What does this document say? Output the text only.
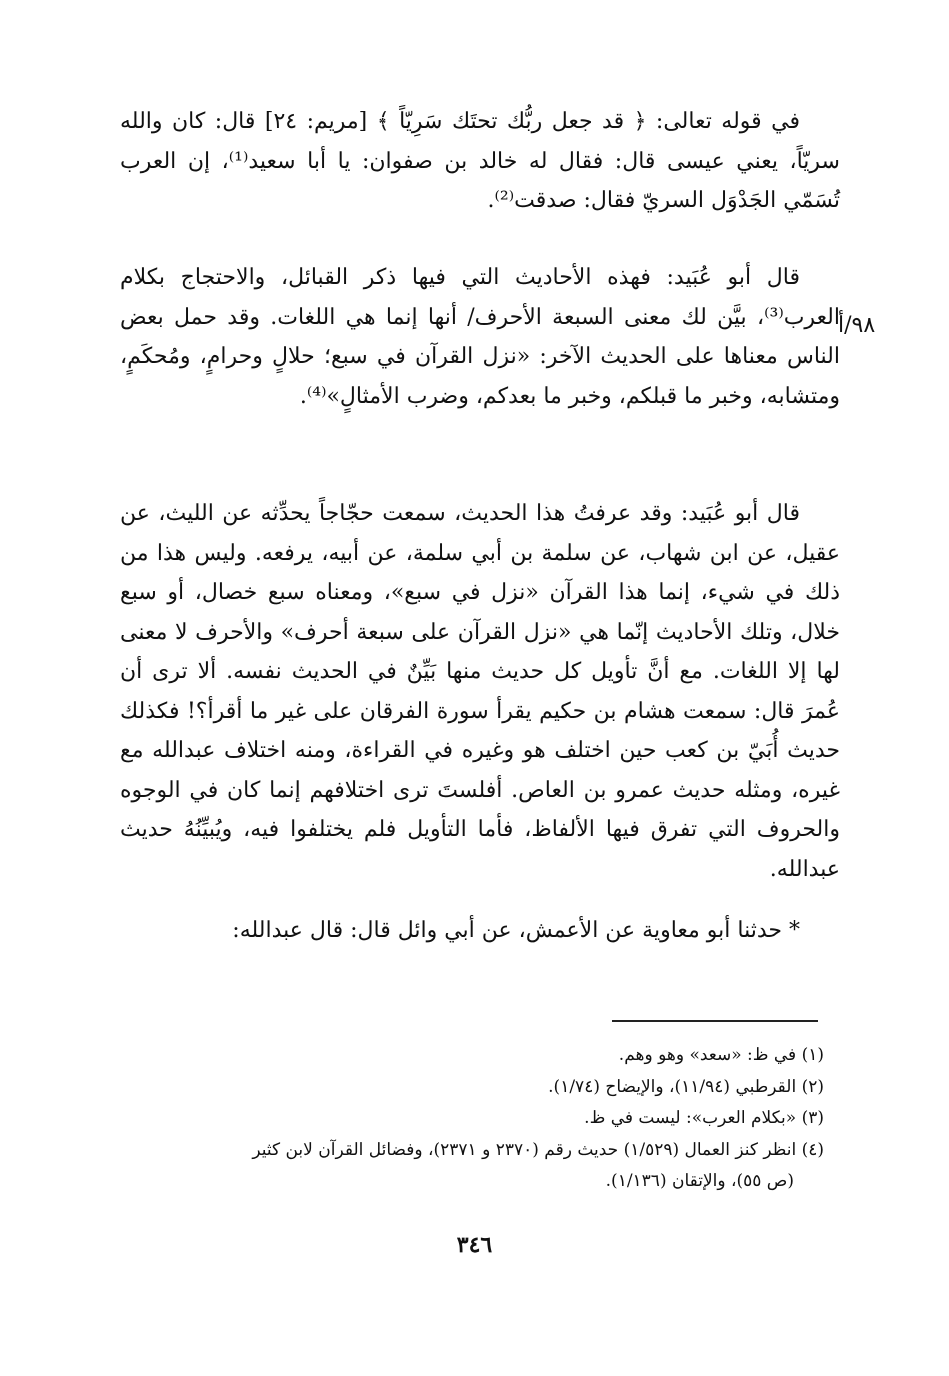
في قوله تعالى: ﴿ قد جعل ربُّك تحتَك سَرِيّاً ﴾ [مريم: ٢٤] قال: كان والله سريّاً، يعني عيسى قال: فقال له خالد بن صفوان: يا أبا سعيد⁽¹⁾، إن العرب تُسَمّي الجَدْوَل السريّ فقال: صدقت⁽²⁾.

قال أبو عُبَيد: فهذه الأحاديث التي فيها ذكر القبائل، والاحتجاج بكلام العرب⁽³⁾، بيَّن لك معنى السبعة الأحرف/ أنها إنما هي اللغات. وقد حمل بعض الناس معناها على الحديث الآخر: «نزل القرآن في سبع؛ حلالٍ وحرامٍ، ومُحكَمٍ، ومتشابه، وخبر ما قبلكم، وخبر ما بعدكم، وضرب الأمثالٍ»⁽⁴⁾.

٩٨/أ

قال أبو عُبَيد: وقد عرفتُ هذا الحديث، سمعت حجّاجاً يحدِّثه عن الليث، عن عقيل، عن ابن شهاب، عن سلمة بن أبي سلمة، عن أبيه، يرفعه. وليس هذا من ذلك في شيء، إنما هذا القرآن «نزل في سبع»، ومعناه سبع خصال، أو سبع خلال، وتلك الأحاديث إنّما هي «نزل القرآن على سبعة أحرف» والأحرف لا معنى لها إلا اللغات. مع أنَّ تأويل كل حديث منها بَيِّنٌ في الحديث نفسه. ألا ترى أن عُمرَ قال: سمعت هشام بن حكيم يقرأ سورة الفرقان على غير ما أقرأ؟! فكذلك حديث أُبَيّ بن كعب حين اختلف هو وغيره في القراءة، ومنه اختلاف عبدالله مع غيره، ومثله حديث عمرو بن العاص. أفلستَ ترى اختلافهم إنما كان في الوجوه والحروف التي تفرق فيها الألفاظ، فأما التأويل فلم يختلفوا فيه، ويُبيِّنُهُ حديث عبدالله.

* حدثنا أبو معاوية عن الأعمش، عن أبي وائل قال: قال عبدالله:

(١) في ظ: «سعد» وهو وهم.

(٢) القرطبي (١١/٩٤)، والإيضاح (١/٧٤).

(٣) «بكلام العرب»: ليست في ظ.

(٤) انظر كنز العمال (١/٥٢٩) حديث رقم (٢٣٧٠ و ٢٣٧١)، وفضائل القرآن لابن كثير

(ص ٥٥)، والإتقان (١/١٣٦).

٣٤٦
